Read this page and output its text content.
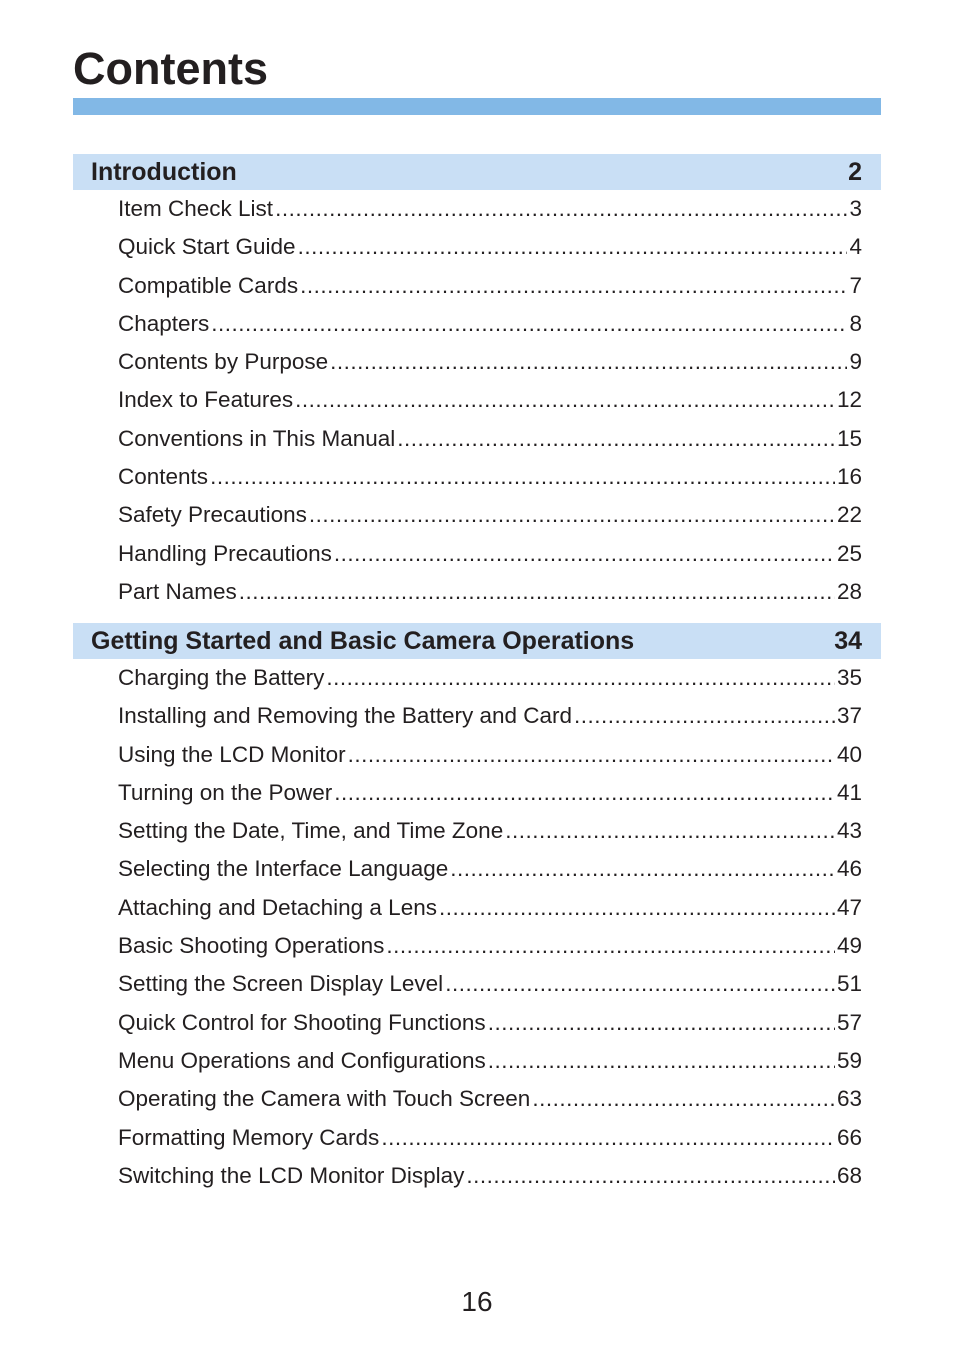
Contents
Introduction	2
Item Check List .....	3
Quick Start Guide .....	4
Compatible Cards .....	7
Chapters .....	8
Contents by Purpose .....	9
Index to Features .....	12
Conventions in This Manual .....	15
Contents .....	16
Safety Precautions .....	22
Handling Precautions .....	25
Part Names .....	28
Getting Started and Basic Camera Operations	34
Charging the Battery .....	35
Installing and Removing the Battery and Card .....	37
Using the LCD Monitor .....	40
Turning on the Power .....	41
Setting the Date, Time, and Time Zone .....	43
Selecting the Interface Language .....	46
Attaching and Detaching a Lens .....	47
Basic Shooting Operations .....	49
Setting the Screen Display Level .....	51
Quick Control for Shooting Functions .....	57
Menu Operations and Configurations .....	59
Operating the Camera with Touch Screen .....	63
Formatting Memory Cards .....	66
Switching the LCD Monitor Display .....	68
16
